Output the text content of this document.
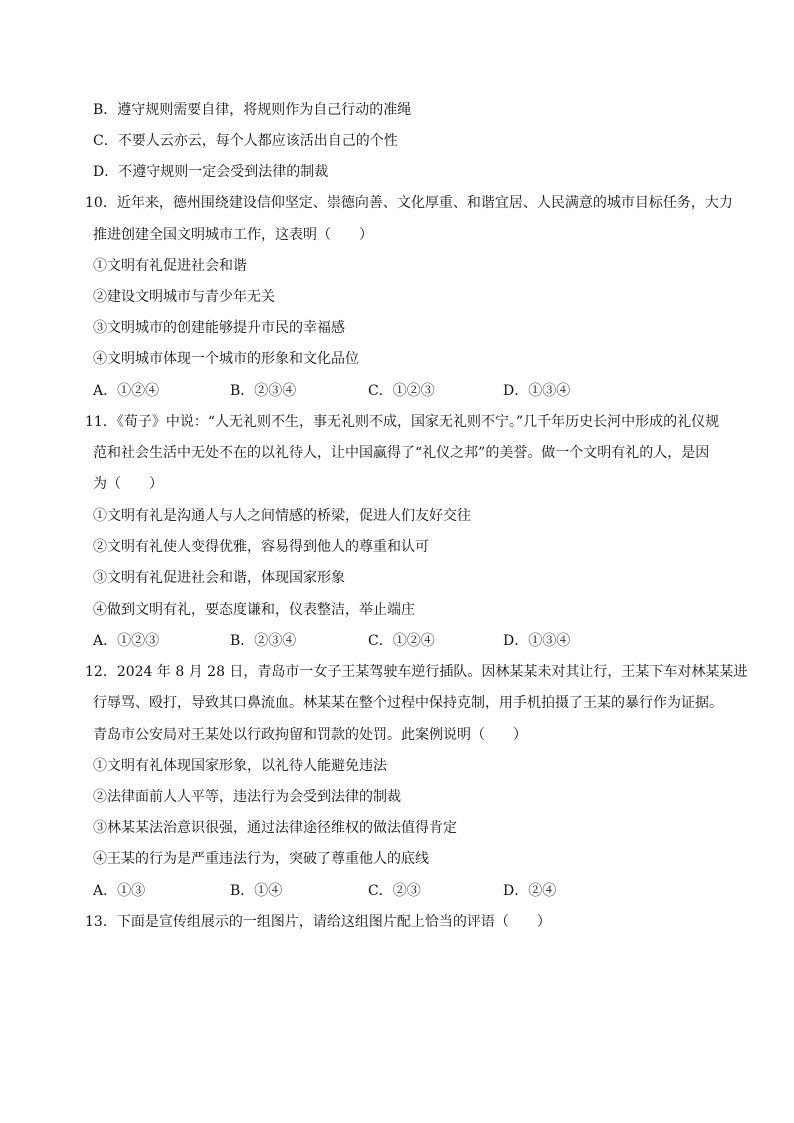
B．遵守规则需要自律，将规则作为自己行动的准绳

C．不要人云亦云，每个人都应该活出自己的个性

D．不遵守规则一定会受到法律的制裁

10．近年来，德州围绕建设信仰坚定、崇德向善、文化厚重、和谐宜居、人民满意的城市目标任务，大力

推进创建全国文明城市工作，这表明（　　）

①文明有礼促进社会和谐

②建设文明城市与青少年无关

③文明城市的创建能够提升市民的幸福感

④文明城市体现一个城市的形象和文化品位

A．①②④	B．②③④	C．①②③	D．①③④

11．《荀子》中说：“人无礼则不生，事无礼则不成，国家无礼则不宁。”几千年历史长河中形成的礼仪规

范和社会生活中无处不在的以礼待人，让中国赢得了“礼仪之邦”的美誉。做一个文明有礼的人，是因

为（　　）

①文明有礼是沟通人与人之间情感的桥梁，促进人们友好交往

②文明有礼使人变得优雅，容易得到他人的尊重和认可

③文明有礼促进社会和谐，体现国家形象

④做到文明有礼，要态度谦和，仪表整洁，举止端庄

A．①②③	B．②③④	C．①②④	D．①③④

12．2024 年 8 月 28 日，青岛市一女子王某驾驶车逆行插队。因林某某未对其让行，王某下车对林某某进

行辱骂、殴打，导致其口鼻流血。林某某在整个过程中保持克制，用手机拍摄了王某的暴行作为证据。

青岛市公安局对王某处以行政拘留和罚款的处罚。此案例说明（　　）

①文明有礼体现国家形象，以礼待人能避免违法

②法律面前人人平等，违法行为会受到法律的制裁

③林某某法治意识很强，通过法律途径维权的做法值得肯定

④王某的行为是严重违法行为，突破了尊重他人的底线

A．①③	B．①④	C．②③	D．②④

13．下面是宣传组展示的一组图片，请给这组图片配上恰当的评语（　　）
